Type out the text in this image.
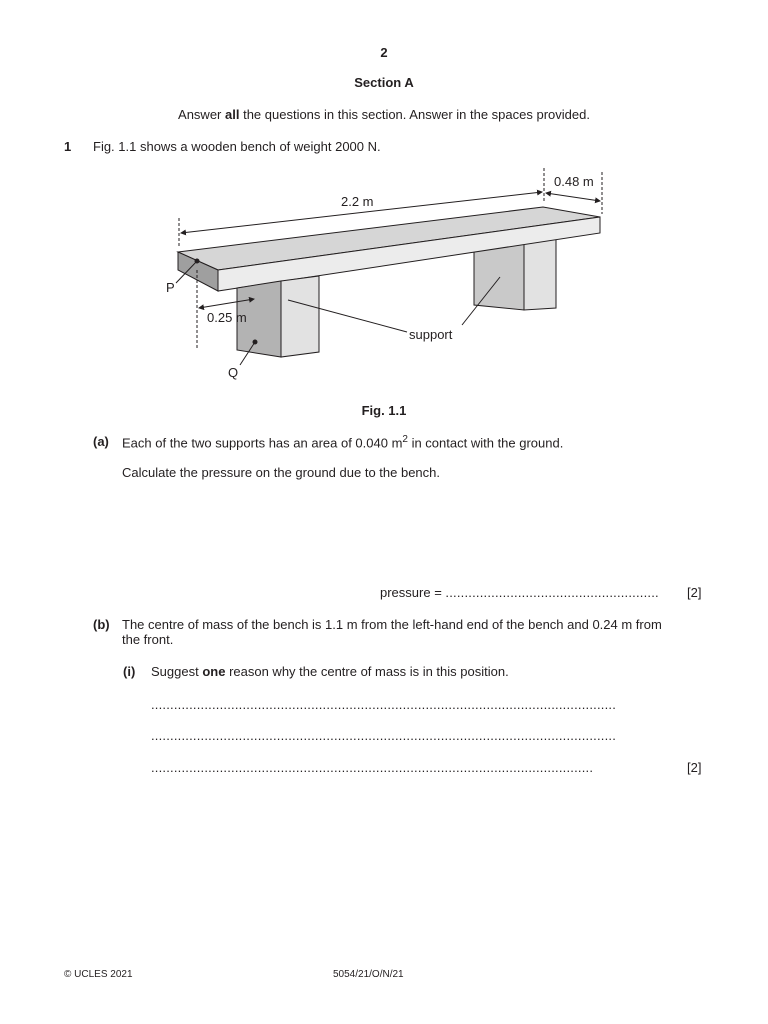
2
Section A
Answer all the questions in this section. Answer in the spaces provided.
1 Fig. 1.1 shows a wooden bench of weight 2000 N.
2.2 m
0.48 m
0.25 m
P
Q
support
Fig. 1.1
(a) Each of the two supports has an area of 0.040 $m^2$ in contact with the ground.
Calculate the pressure on the ground due to the bench.
pressure = ........................................................ [2]
(b) The centre of mass of the bench is 1.1 m from the left-hand end of the bench and 0.24 m from
the front.
(i) Suggest one reason why the centre of mass is in this position.
..........................................................................................................................
..........................................................................................................................
....................................................................................................................	[2]
© UCLES 2021	5054/21/O/N/21
